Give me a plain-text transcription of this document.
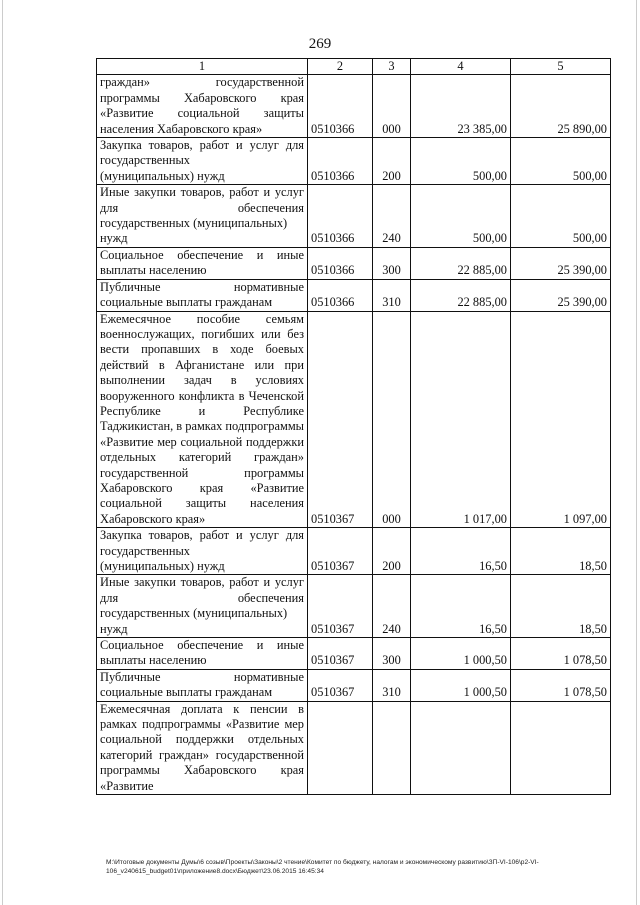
269
1	2	3	4	5
граждан» государственной программы Хабаровского края «Развитие социальной защиты
населения Хабаровского края»	0510366	000	23 385,00	25 890,00
Закупка товаров, работ и услуг для государственных
(муниципальных) нужд	0510366	200	500,00	500,00
Иные закупки товаров, работ и услуг для обеспечения
государственных (муниципальных) нужд	0510366	240	500,00	500,00
Социальное обеспечение и иные
выплаты населению	0510366	300	22 885,00	25 390,00
Публичные нормативные
социальные выплаты гражданам	0510366	310	22 885,00	25 390,00
Ежемесячное пособие семьям военнослужащих, погибших или без вести пропавших в ходе боевых действий в Афганистане или при выполнении задач в условиях вооруженного конфликта в Чеченской Республике и Республике Таджикистан, в рамках подпрограммы «Развитие мер социальной поддержки отдельных категорий граждан» государственной программы Хабаровского края «Развитие социальной защиты населения
Хабаровского края»	0510367	000	1 017,00	1 097,00
Закупка товаров, работ и услуг для государственных
(муниципальных) нужд	0510367	200	16,50	18,50
Иные закупки товаров, работ и услуг для обеспечения
государственных (муниципальных) нужд	0510367	240	16,50	18,50
Социальное обеспечение и иные
выплаты населению	0510367	300	1 000,50	1 078,50
Публичные нормативные
социальные выплаты гражданам	0510367	310	1 000,50	1 078,50
Ежемесячная доплата к пенсии в рамках подпрограммы «Развитие мер социальной поддержки отдельных категорий граждан» государственной программы Хабаровского края «Развитие

M:\Итоговые документы Думы\6 созыв\Проекты\Законы\2 чтение\Комитет по бюджету, налогам и экономическому развитию\ЗП-VI-106\р2-VI-
106_v240615_budget01\приложение8.docx\Бюджет\23.06.2015 16:45:34
